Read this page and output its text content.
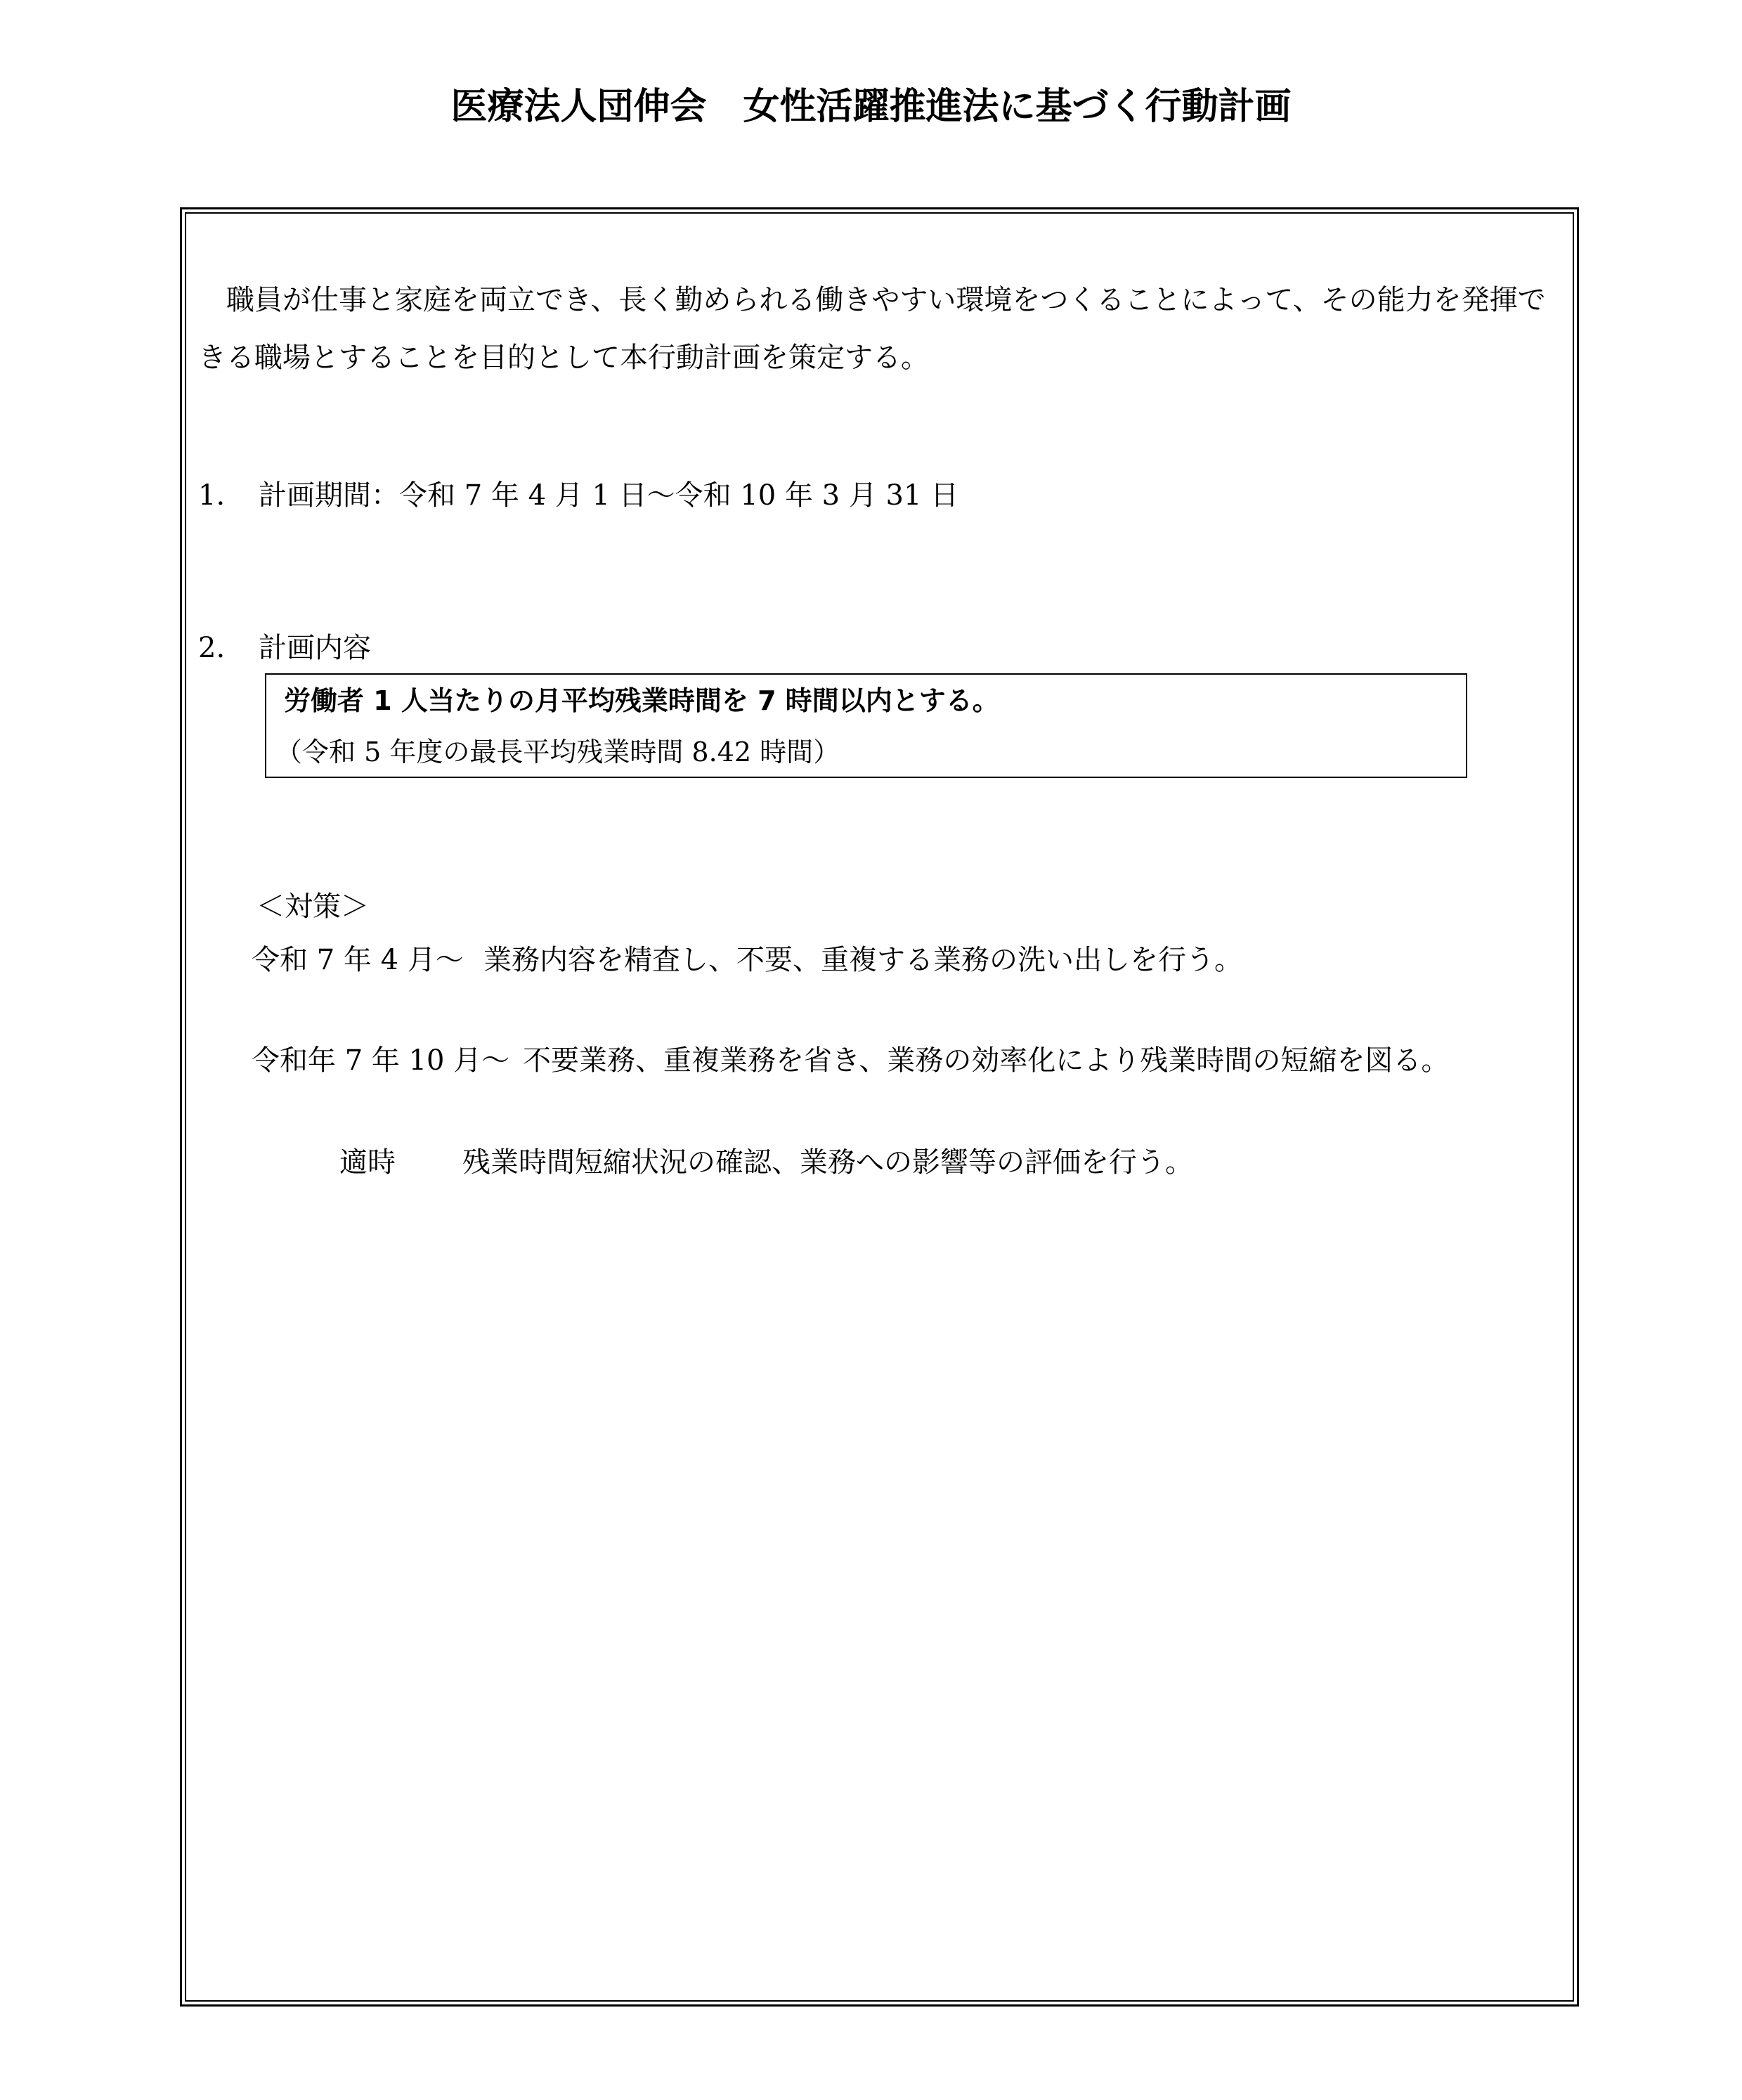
医療法人団伸会　女性活躍推進法に基づく行動計画
職員が仕事と家庭を両立でき、長く勤められる働きやすい環境をつくることによって、その能力を発揮できる職場とすることを目的として本行動計画を策定する。
1. 計画期間：令和 7 年 4 月 1 日～令和 10 年 3 月 31 日
2. 計画内容
労働者 1 人当たりの月平均残業時間を 7 時間以内とする。
（令和 5 年度の最長平均残業時間 8.42 時間）
＜対策＞
令和 7 年 4 月～ 業務内容を精査し、不要、重複する業務の洗い出しを行う。
令和年 7 年 10 月～ 不要業務、重複業務を省き、業務の効率化により残業時間の短縮を図る。
適時 残業時間短縮状況の確認、業務への影響等の評価を行う。
